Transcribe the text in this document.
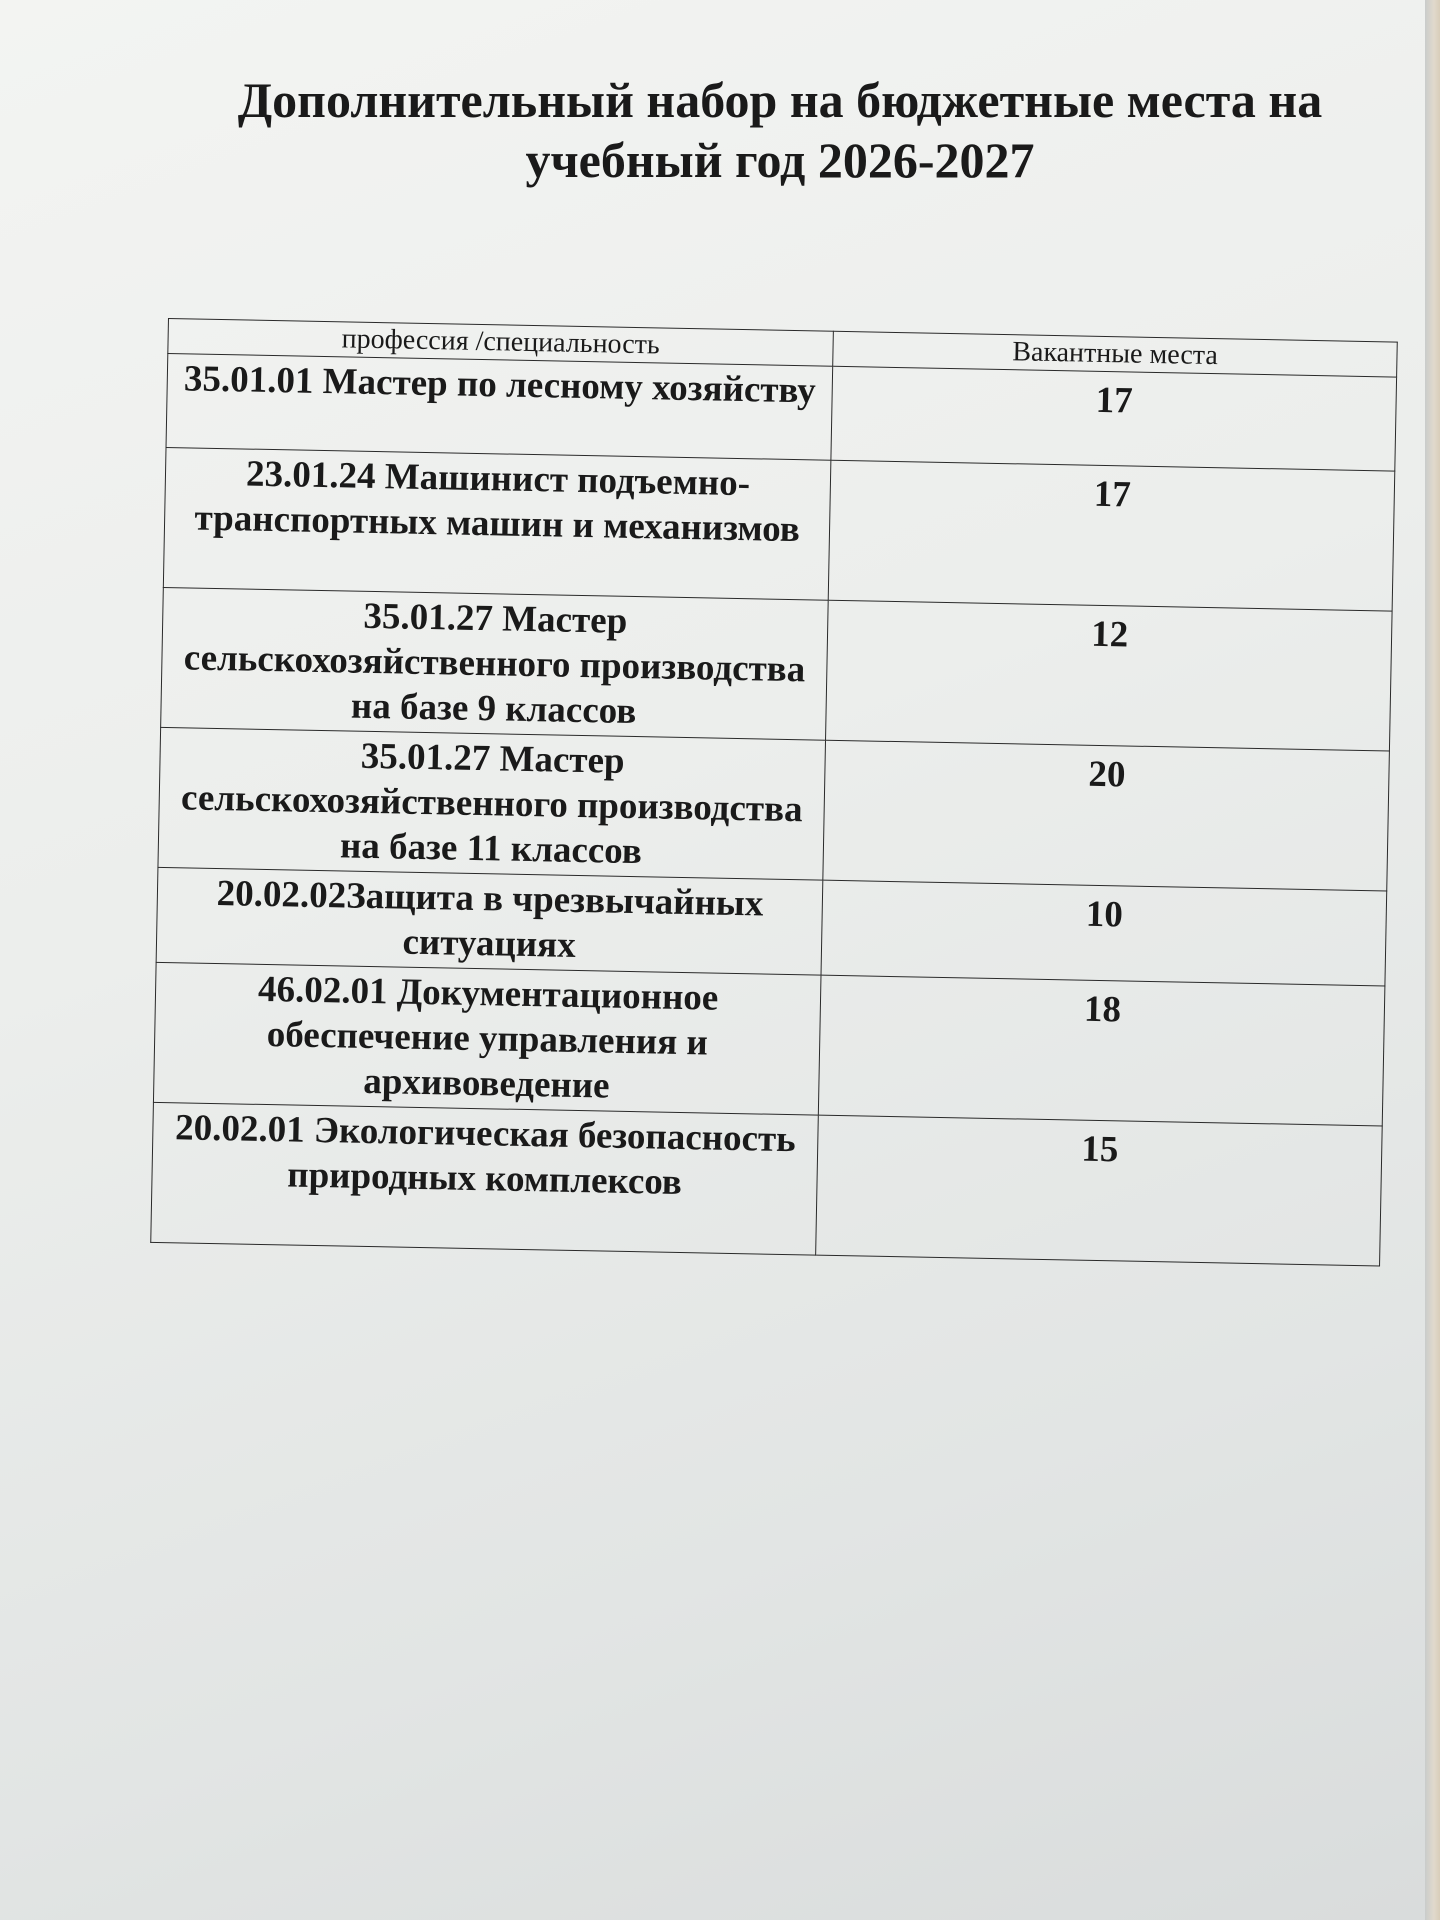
Дополнительный набор на бюджетные места на
учебный год 2026-2027
профессия /специальность	Вакантные места
35.01.01 Мастер по лесному хозяйству	17
23.01.24 Машинист подъемно-транспортных машин и механизмов	17
35.01.27 Мастер сельскохозяйственного производства на базе 9 классов	12
35.01.27 Мастер сельскохозяйственного производства на базе 11 классов	20
20.02.02Защита в чрезвычайных ситуациях	10
46.02.01 Документационное обеспечение управления и архивоведение	18
20.02.01 Экологическая безопасность природных комплексов	15
